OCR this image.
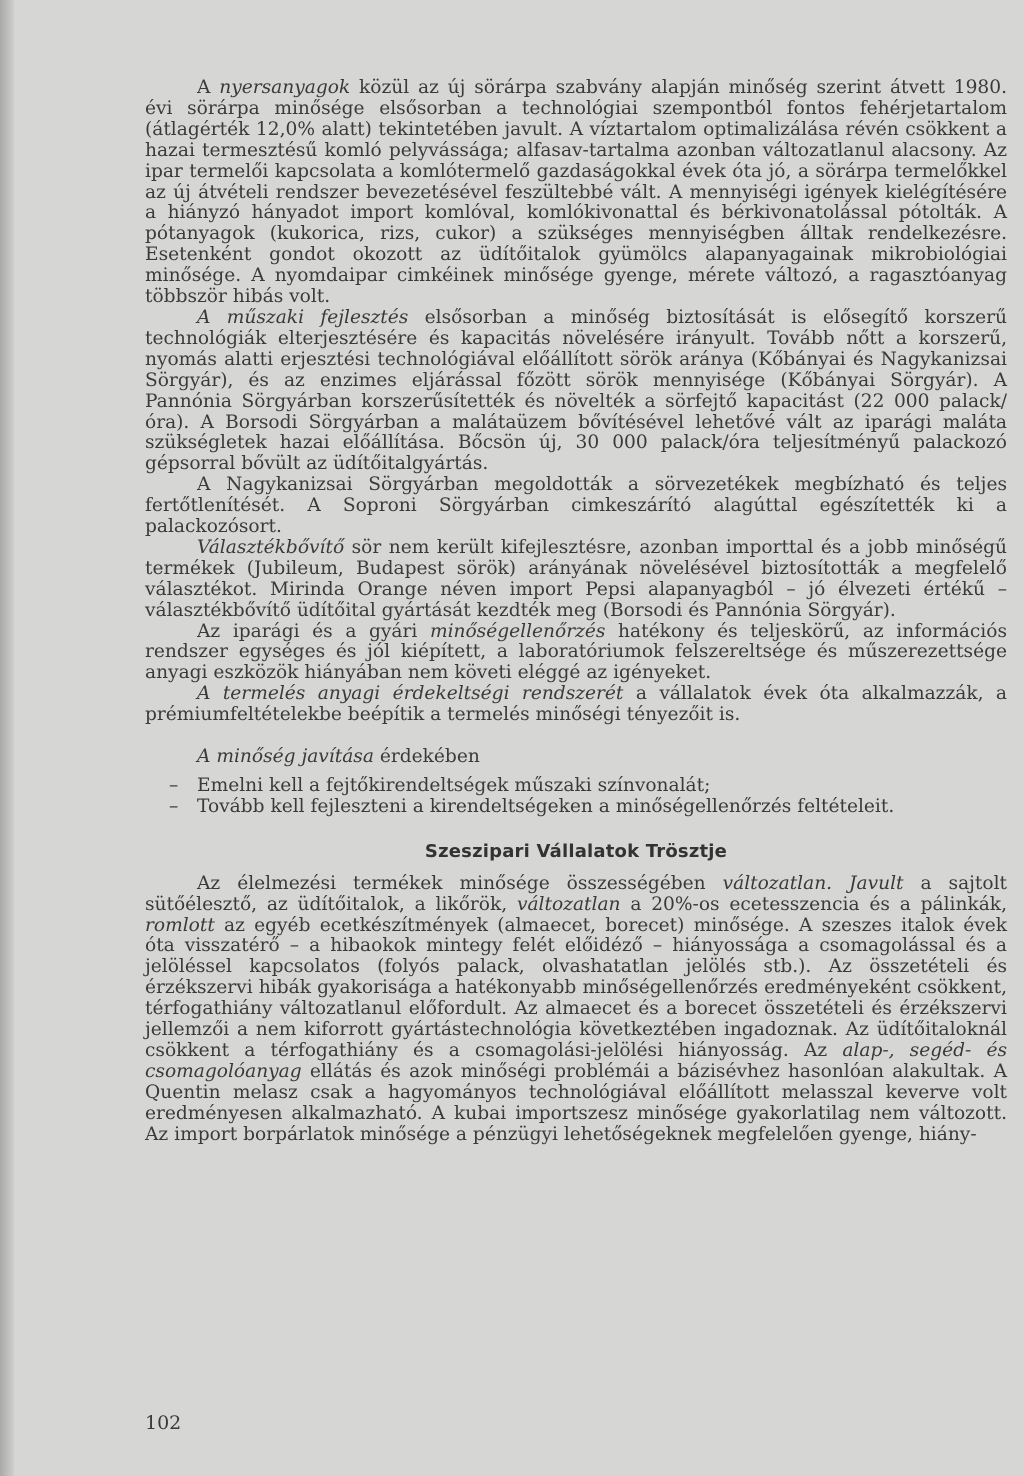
A nyersanyagok közül az új sörárpa szabvány alapján minőség szerint átvett 1980. évi sörárpa minősége elsősorban a technológiai szempontból fontos fehérjetartalom (átlagérték 12,0% alatt) tekintetében javult. A víztartalom optimalizálása révén csökkent a hazai termesztésű komló pelyvássága; alfasav-tartalma azonban változatlanul alacsony. Az ipar termelői kapcsolata a komlótermelő gazdaságokkal évek óta jó, a sörárpa termelőkkel az új átvételi rendszer bevezetésével feszültebbé vált. A mennyiségi igények kielégítésére a hiányzó hányadot import komlóval, komlókivonattal és bérkivonatolással pótolták. A pótanyagok (kukorica, rizs, cukor) a szükséges mennyiségben álltak rendelkezésre. Esetenként gondot okozott az üdítőitalok gyümölcs alapanyagainak mikrobiológiai minősége. A nyomdaipar cimkéinek minősége gyenge, mérete változó, a ragasztóanyag többször hibás volt.

A műszaki fejlesztés elsősorban a minőség biztosítását is elősegítő korszerű technológiák elterjesztésére és kapacitás növelésére irányult. Tovább nőtt a korszerű, nyomás alatti erjesztési technológiával előállított sörök aránya (Kőbányai és Nagykanizsai Sörgyár), és az enzimes eljárással főzött sörök mennyisége (Kőbányai Sörgyár). A Pannónia Sörgyárban korszerűsítették és növelték a sörfejtő kapacitást (22 000 palack/óra). A Borsodi Sörgyárban a malátaüzem bővítésével lehetővé vált az iparági maláta szükségletek hazai előállítása. Bőcsön új, 30 000 palack/óra teljesítményű palackozó gépsorral bővült az üdítőitalgyártás.

A Nagykanizsai Sörgyárban megoldották a sörvezetékek megbízható és teljes fertőtlenítését. A Soproni Sörgyárban cimkeszárító alagúttal egészítették ki a palackozósort.

Választékbővítő sör nem került kifejlesztésre, azonban importtal és a jobb minőségű termékek (Jubileum, Budapest sörök) arányának növelésével biztosították a megfelelő választékot. Mirinda Orange néven import Pepsi alapanyagból – jó élvezeti értékű – választékbővítő üdítőital gyártását kezdték meg (Borsodi és Pannónia Sörgyár).

Az iparági és a gyári minőségellenőrzés hatékony és teljeskörű, az információs rendszer egységes és jól kiépített, a laboratóriumok felszereltsége és műszerezettsége anyagi eszközök hiányában nem követi eléggé az igényeket.

A termelés anyagi érdekeltségi rendszerét a vállalatok évek óta alkalmazzák, a prémiumfeltételekbe beépítik a termelés minőségi tényezőit is.

A minőség javítása érdekében

– Emelni kell a fejtőkirendeltségek műszaki színvonalát;
– Tovább kell fejleszteni a kirendeltségeken a minőségellenőrzés feltételeit.
Szeszipari Vállalatok Trösztje

Az élelmezési termékek minősége összességében változatlan. Javult a sajtolt sütőélesztő, az üdítőitalok, a likőrök, változatlan a 20%-os ecetesszencia és a pálinkák, romlott az egyéb ecetkészítmények (almaecet, borecet) minősége. A szeszes italok évek óta visszatérő – a hibaokok mintegy felét előidéző – hiányossága a csomagolással és a jelöléssel kapcsolatos (folyós palack, olvashatatlan jelölés stb.). Az összetételi és érzékszervi hibák gyakorisága a hatékonyabb minőségellenőrzés eredményeként csökkent, térfogathiány változatlanul előfordult. Az almaecet és a borecet összetételi és érzékszervi jellemzői a nem kiforrott gyártástechnológia következtében ingadoznak. Az üdítőitaloknál csökkent a térfogathiány és a csomagolási-jelölési hiányosság. Az alap-, segéd- és csomagolóanyag ellátás és azok minőségi problémái a bázisévhez hasonlóan alakultak. A Quentin melasz csak a hagyományos technológiával előállított melasszal keverve volt eredményesen alkalmazható. A kubai importszesz minősége gyakorlatilag nem változott. Az import borpárlatok minősége a pénzügyi lehetőségeknek megfelelően gyenge, hiány-

102
